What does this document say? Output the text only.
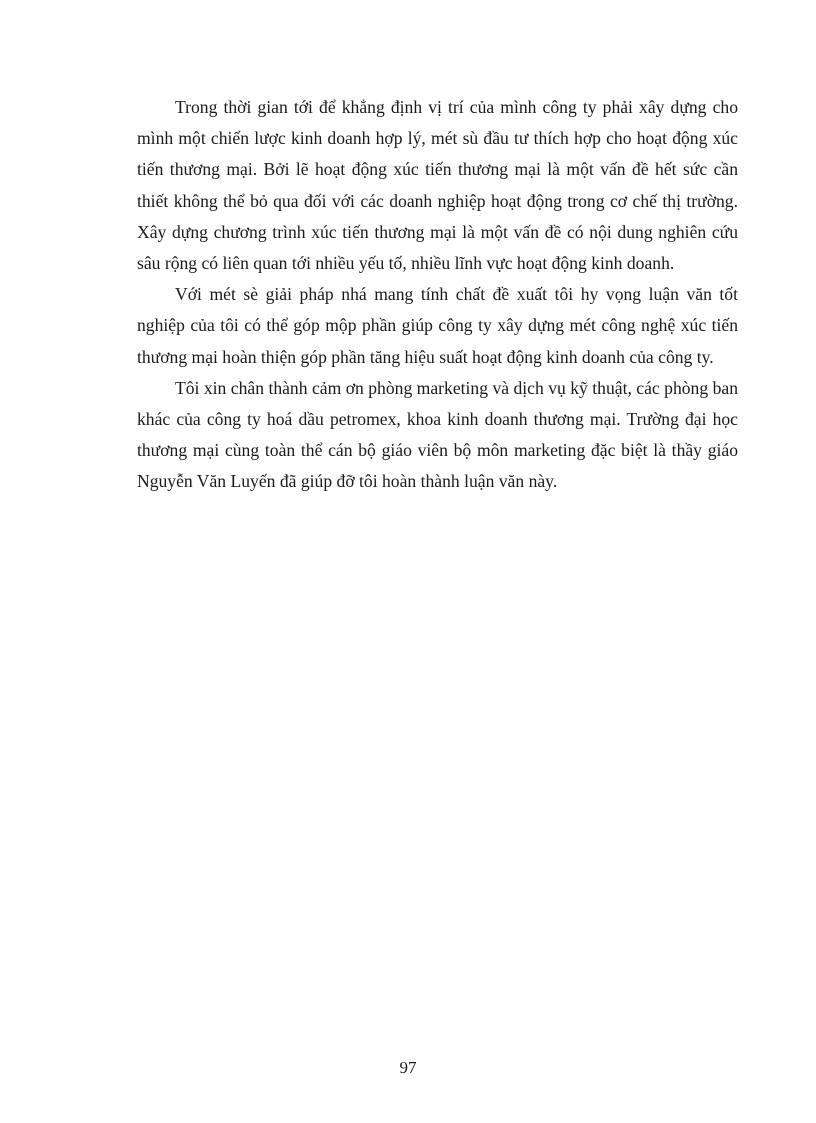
Trong thời gian tới để khẳng định vị trí của mình công ty phải xây dựng cho mình một chiến lược kinh doanh hợp lý, mét sù đầu tư thích hợp cho hoạt động xúc tiến thương mại. Bởi lẽ hoạt động xúc tiến thương mại là một vấn đề hết sức cần thiết không thể bỏ qua đối với các doanh nghiệp hoạt động trong cơ chế thị trường. Xây dựng chương trình xúc tiến thương mại là một vấn đề có nội dung nghiên cứu sâu rộng có liên quan tới nhiều yếu tố, nhiều lĩnh vực hoạt động kinh doanh.

Với mét sè giải pháp nhá mang tính chất đề xuất tôi hy vọng luận văn tốt nghiệp của tôi có thể góp mộp phần giúp công ty xây dựng mét công nghệ xúc tiến thương mại hoàn thiện góp phần tăng hiệu suất hoạt động kinh doanh của công ty.

Tôi xin chân thành cảm ơn phòng marketing và dịch vụ kỹ thuật, các phòng ban khác của công ty hoá dầu petromex, khoa kinh doanh thương mại. Trường đại học thương mại cùng toàn thể cán bộ giáo viên bộ môn marketing đặc biệt là thầy giáo Nguyễn Văn Luyến đã giúp đỡ tôi hoàn thành luận văn này.

97
